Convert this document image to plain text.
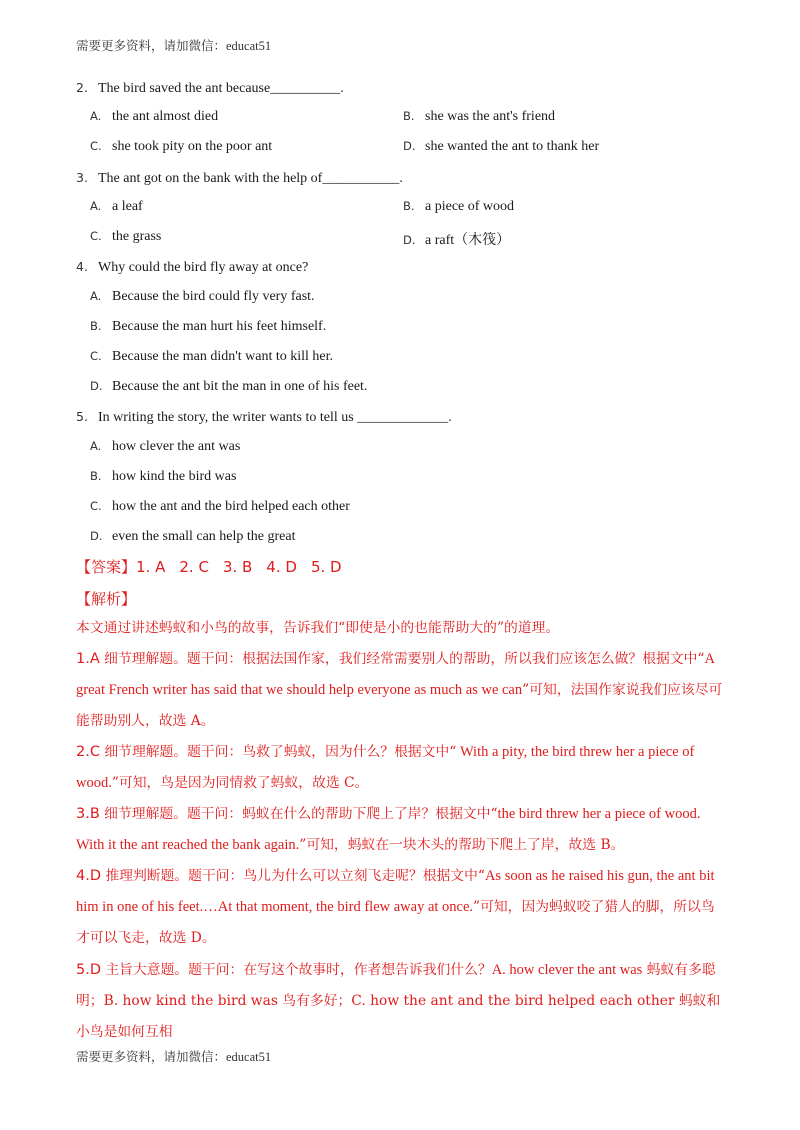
需要更多资料，请加微信：educat51
2. The bird saved the ant because__________.
A. the ant almost died	B. she was the ant's friend
C. she took pity on the poor ant	D. she wanted the ant to thank her
3. The ant got on the bank with the help of___________.
A. a leaf	B. a piece of wood
C. the grass	D. a raft（木筏）
4. Why could the bird fly away at once?
A. Because the bird could fly very fast.
B. Because the man hurt his feet himself.
C. Because the man didn't want to kill her.
D. Because the ant bit the man in one of his feet.
5. In writing the story, the writer wants to tell us _____________.
A. how clever the ant was
B. how kind the bird was
C. how the ant and the bird helped each other
D. even the small can help the great
【答案】1. A 2. C 3. B 4. D 5. D
【解析】
本文通过讲述蚂蚁和小鸟的故事，告诉我们“即使是小的也能帮助大的”的道理。
1.A 细节理解题。题干问：根据法国作家，我们经常需要别人的帮助，所以我们应该怎么做？根据文中“A great French writer has said that we should help everyone as much as we can”可知，法国作家说我们应该尽可能帮助别人，故选 A。
2.C 细节理解题。题干问：鸟救了蚂蚁，因为什么？根据文中“ With a pity, the bird threw her a piece of wood.”可知，鸟是因为同情救了蚂蚁，故选 C。
3.B 细节理解题。题干问：蚂蚁在什么的帮助下爬上了岸？根据文中“the bird threw her a piece of wood. With it the ant reached the bank again.”可知，蚂蚁在一块木头的帮助下爬上了岸，故选 B。
4.D 推理判断题。题干问：鸟儿为什么可以立刻飞走呢？根据文中“As soon as he raised his gun, the ant bit him in one of his feet.…At that moment, the bird flew away at once.”可知，因为蚂蚁咬了猎人的脚，所以鸟才可以飞走，故选 D。
5.D 主旨大意题。题干问：在写这个故事时，作者想告诉我们什么？A. how clever the ant was 蚂蚁有多聪明；B. how kind the bird was 鸟有多好；C. how the ant and the bird helped each other 蚂蚁和小鸟是如何互相
需要更多资料，请加微信：educat51
